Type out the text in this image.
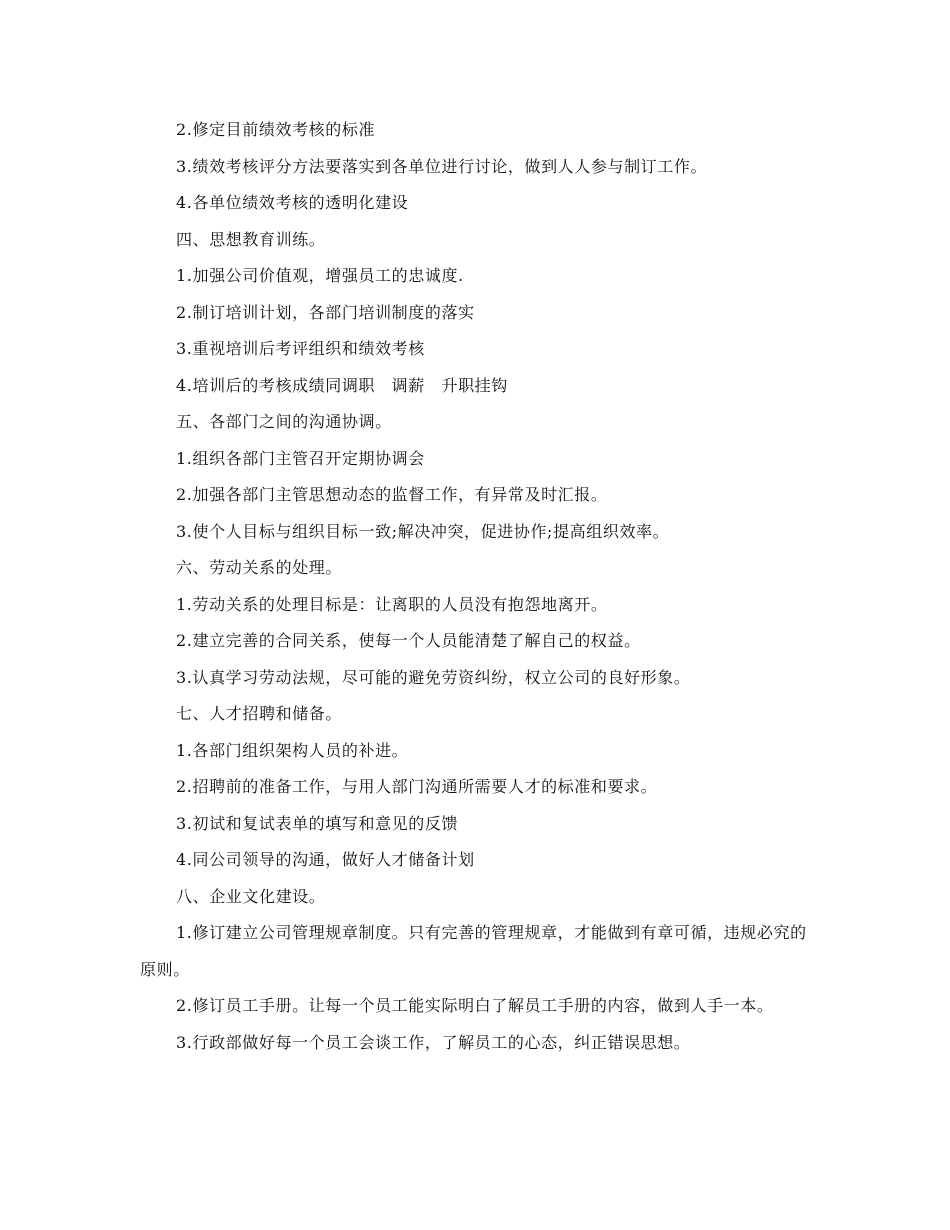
2.修定目前绩效考核的标准

3.绩效考核评分方法要落实到各单位进行讨论，做到人人参与制订工作。

4.各单位绩效考核的透明化建设

四、思想教育训练。

1.加强公司价值观，增强员工的忠诚度.

2.制订培训计划，各部门培训制度的落实

3.重视培训后考评组织和绩效考核

4.培训后的考核成绩同调职　调薪　升职挂钩

五、各部门之间的沟通协调。

1.组织各部门主管召开定期协调会

2.加强各部门主管思想动态的监督工作，有异常及时汇报。

3.使个人目标与组织目标一致;解决冲突，促进协作;提高组织效率。

六、劳动关系的处理。

1.劳动关系的处理目标是：让离职的人员没有抱怨地离开。

2.建立完善的合同关系，使每一个人员能清楚了解自己的权益。

3.认真学习劳动法规，尽可能的避免劳资纠纷，权立公司的良好形象。

七、人才招聘和储备。

1.各部门组织架构人员的补进。

2.招聘前的准备工作，与用人部门沟通所需要人才的标准和要求。

3.初试和复试表单的填写和意见的反馈

4.同公司领导的沟通，做好人才储备计划

八、企业文化建设。

1.修订建立公司管理规章制度。只有完善的管理规章，才能做到有章可循，违规必究的原则。

2.修订员工手册。让每一个员工能实际明白了解员工手册的内容，做到人手一本。

3.行政部做好每一个员工会谈工作，了解员工的心态，纠正错误思想。
